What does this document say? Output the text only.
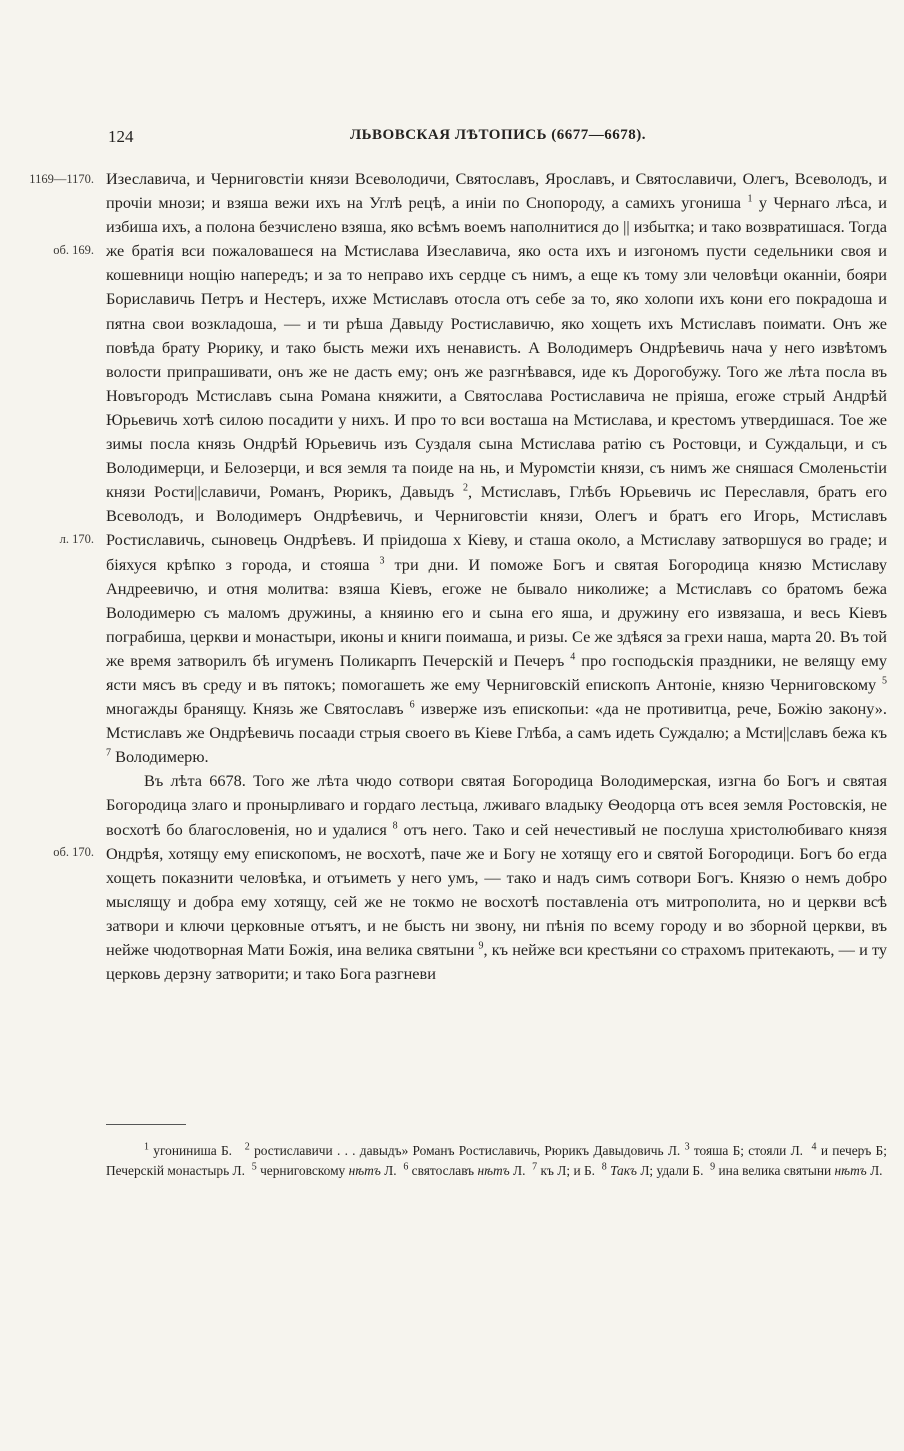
124	ЛЬВОВСКАЯ ЛѢТОПИСЬ (6677—6678).
1169—1170.
об. 169.
л. 170.
об. 170.

Изеславича, и Черниговстіи князи Всеволодичи, Святославъ, Ярославъ, и Святославичи, Олегъ, Всеволодъ, и прочіи мнози; и взяша вежи ихъ на Углѣ рецѣ, а иніи по Снопороду, а самихъ угониша $^1$ у Чернаго лѣса, и избиша ихъ, а полона безчислено взяша, яко всѣмъ воемъ наполнитися до || избытка; и тако возвратишася. Тогда же братія вси пожаловашеся на Мстислава Изеславича, яко оста ихъ и изгономъ пусти седельники своя и кошевници нощію напередъ; и за то неправо ихъ сердце съ нимъ, а еще къ тому зли человѣци оканніи, бояри Бориславичь Петръ и Нестеръ, ихже Мстиславъ отосла отъ себе за то, яко холопи ихъ кони его покрадоша и пятна свои возкладоша, — и ти рѣша Давыду Ростиславичю, яко хощеть ихъ Мстиславъ поимати. Онъ же повѣда брату Рюрику, и тако бысть межи ихъ ненависть. А Володимеръ Ондрѣевичь нача у него извѣтомъ волости припрашивати, онъ же не дасть ему; онъ же разгнѣвався, иде къ Дорогобужу. Того же лѣта посла въ Новъгородъ Мстиславъ сына Романа княжити, а Святослава Ростиславича не пріяша, егоже стрый Андрѣй Юрьевичь хотѣ силою посадити у нихъ. И про то вси восташа на Мстислава, и крестомъ утвердишася. Тое же зимы посла князь Ондрѣй Юрьевичь изъ Суздаля сына Мстислава ратію съ Ростовци, и Суждальци, и съ Володимерци, и Белозерци, и вся земля та поиде на нь, и Муромстіи князи, съ нимъ же сняшася Смоленьстіи князи Рости||славичи, Романъ, Рюрикъ, Давыдъ $^2$, Мстиславъ, Глѣбъ Юрьевичь ис Переславля, братъ его Всеволодъ, и Володимеръ Ондрѣевичь, и Черниговстіи князи, Олегъ и братъ его Игорь, Мстиславъ Ростиславичь, сыновець Ондрѣевъ. И пріидоша х Кіеву, и сташа около, а Мстиславу затворшуся во граде; и біяхуся крѣпко з города, и стояша $^3$ три дни. И поможе Богъ и святая Богородица князю Мстиславу Андреевичю, и отня молитва: взяша Кіевъ, егоже не бывало николиже; а Мстиславъ со братомъ бежа Володимерю съ маломъ дружины, а княиню его и сына его яша, и дружину его извязаша, и весь Кіевъ пограбиша, церкви и монастыри, иконы и книги поимаша, и ризы. Се же здѣяся за грехи наша, марта 20. Въ той же время затворилъ бѣ игуменъ Поликарпъ Печерскій и Печеръ $^4$ про господьскія праздники, не велящу ему ясти мясъ въ среду и въ пятокъ; помогашеть же ему Черниговскій епископъ Антоніе, князю Черниговскому $^5$ многажды бранящу. Князь же Святославъ $^6$ изверже изъ епископьи: «да не противитца, рече, Божію закону». Мстиславъ же Ондрѣевичь посаади стрыя своего въ Кіеве Глѣба, а самъ идеть Суждалю; а Мсти||славъ бежа къ $^7$ Володимерю.

Въ лѣта 6678. Того же лѣта чюдо сотвори святая Богородица Володимерская, изгна бо Богъ и святая Богородица злаго и пронырливаго и гордаго лестьца, лживаго владыку Ѳеодорца отъ всея земля Ростовскія, не восхотѣ бо благословенія, но и удалися $^8$ отъ него. Тако и сей нечестивый не послуша христолюбиваго князя Ондрѣя, хотящу ему епископомъ, не восхотѣ, паче же и Богу не хотящу его и святой Богородици. Богъ бо егда хощеть показнити человѣка, и отъиметь у него умъ, — тако и надъ симъ сотвори Богъ. Князю о немъ добро мыслящу и добра ему хотящу, сей же не токмо не восхотѣ поставленіа отъ митрополита, но и церкви всѣ затвори и ключи церковные отъятъ, и не бысть ни звону, ни пѣнія по всему городу и во зборной церкви, въ нейже чюдотворная Мати Божія, ина велика святыни $^9$, къ нейже вси крестьяни со страхомъ притекають, — и ту церковь дерзну затворити; и тако Бога разгневи

$^1$ угониниша Б. $^2$ ростиславичи . . . давыдъ» Романъ Ростиславичь, Рюрикъ Давыдовичь Л. $^3$ тояша Б; стояли Л. $^4$ и печеръ Б; Печерскій монастырь Л. $^5$ черниговскому нѣтъ Л. $^6$ святославъ нѣтъ Л. $^7$ къ Л; и Б. $^8$ Такъ Л; удали Б. $^9$ ина велика святыни нѣтъ Л.
